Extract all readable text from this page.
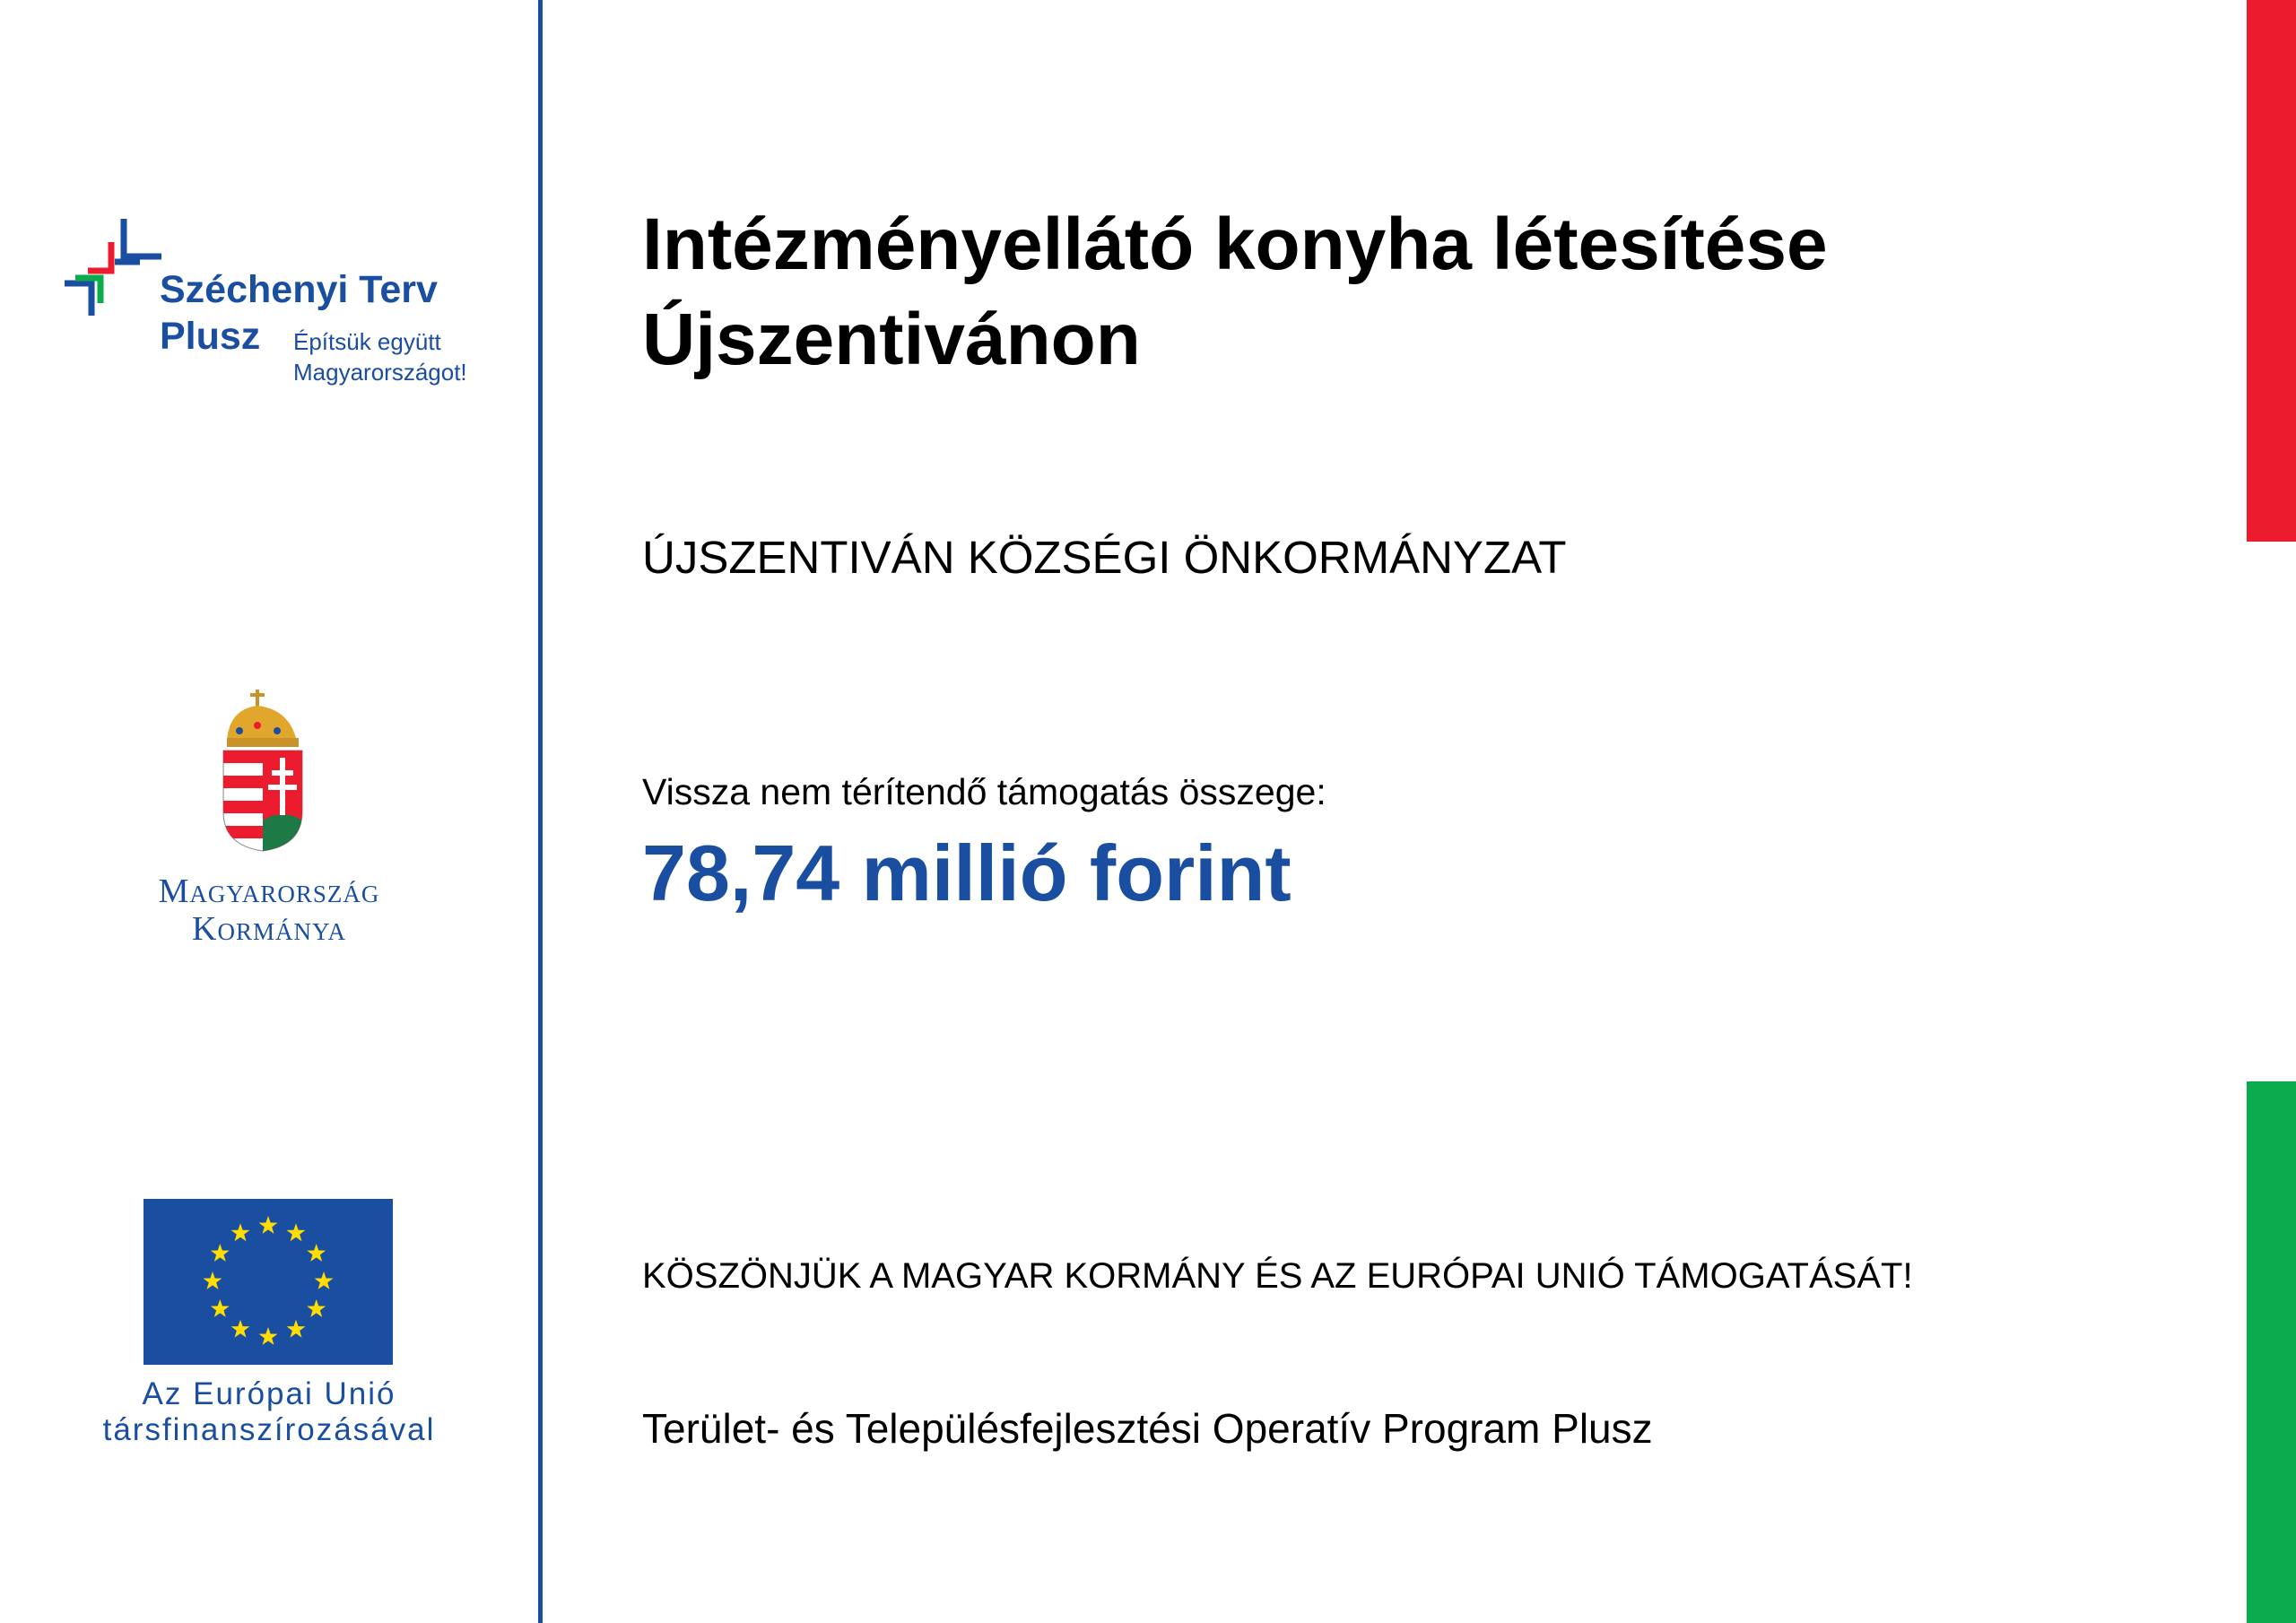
Széchenyi Terv
Plusz Építsük együtt
Magyarországot!
Magyarország
Kormánya
Az Európai Unió
társfinanszírozásával
Intézményellátó konyha létesítése
Újszentivánon
ÚJSZENTIVÁN KÖZSÉGI ÖNKORMÁNYZAT
Vissza nem térítendő támogatás összege:
78,74 millió forint
KÖSZÖNJÜK A MAGYAR KORMÁNY ÉS AZ EURÓPAI UNIÓ TÁMOGATÁSÁT!
Terület- és Településfejlesztési Operatív Program Plusz
